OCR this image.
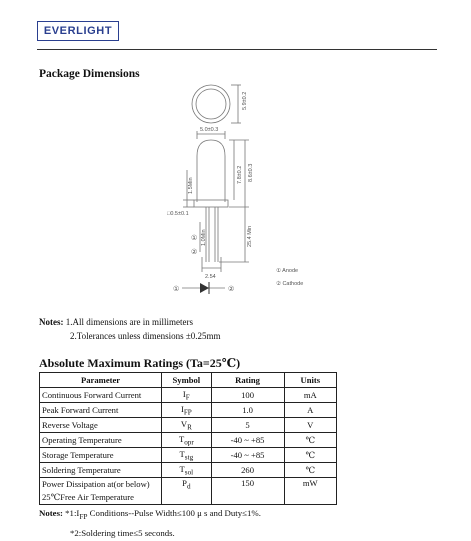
EVERLIGHT
Package Dimensions
5.0±0.3
5.9±0.2
8.6±0.3
7.8±0.2
1.5Min
25.4 Min
□0.5±0.1
1.0Min
2.54
① Anode
② Cathode
①
②
①	②
Notes: 1.All dimensions are in millimeters
2.Tolerances unless dimensions ±0.25mm
Absolute Maximum Ratings (Ta=25℃)
Parameter	Symbol	Rating	Units
Continuous Forward Current	$I_F$	100	mA
Peak Forward Current	$I_{FP}$	1.0	A
Reverse Voltage	$V_R$	5	V
Operating Temperature	$T_{opr}$	-40 ~ +85	℃
Storage Temperature	$T_{stg}$	-40 ~ +85	℃
Soldering Temperature	$T_{sol}$	260	℃

Power Dissipation at(or below)
25℃Free Air Temperature	$P_d$	150	mW
Notes: $*1:I_{FP}$ Conditions--Pulse Width≤100 μ s and Duty≤1%.
*2:Soldering time≤5 seconds.
